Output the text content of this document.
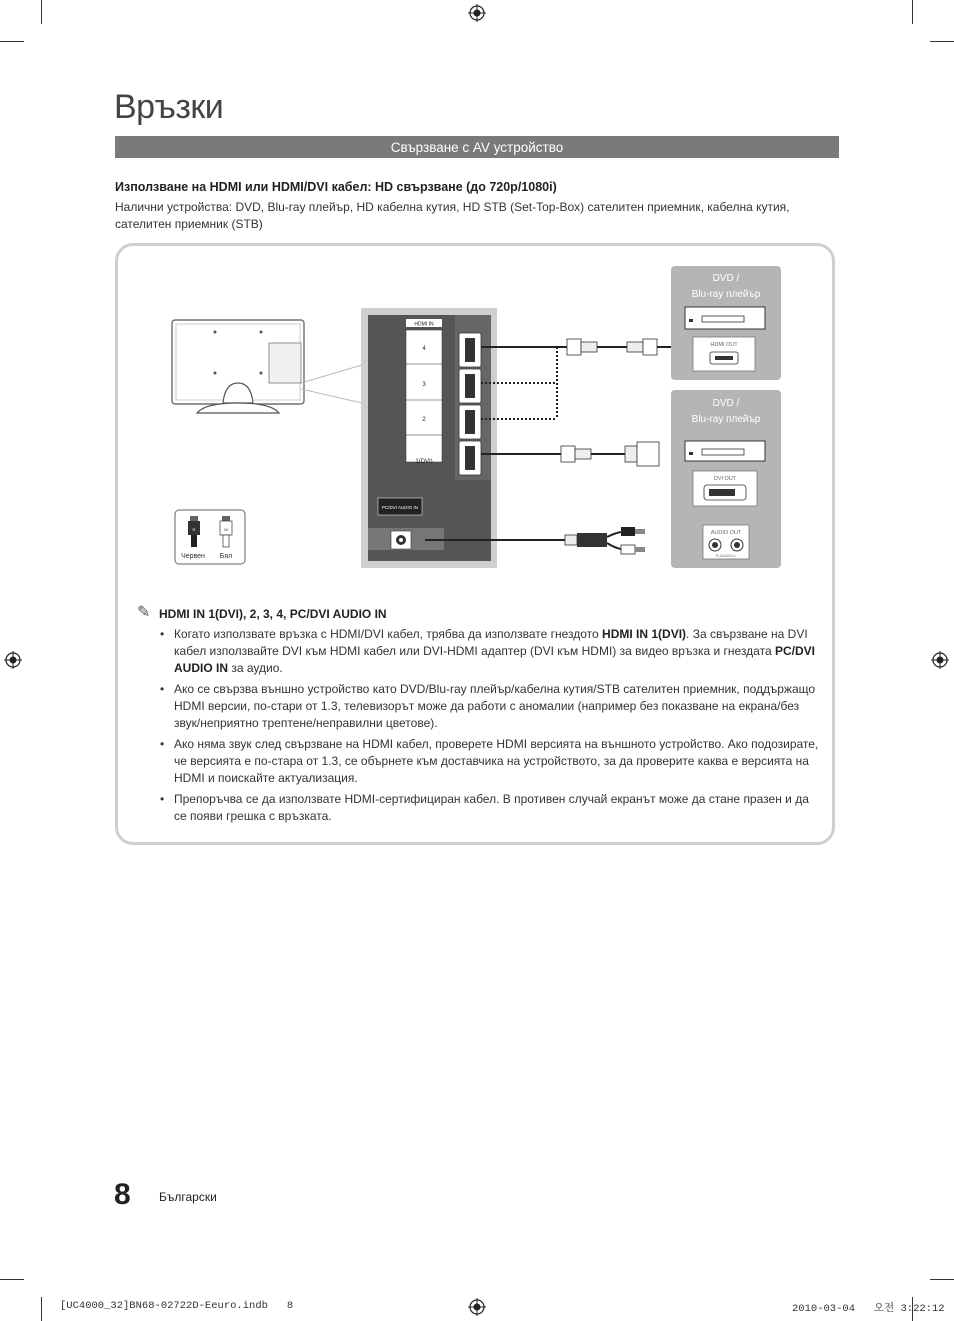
Връзки
Свързване с AV устройство
Използване на HDMI или HDMI/DVI кабел: HD свързване (до 720p/1080i)
Налични устройства: DVD, Blu-ray плейър, HD кабелна кутия, HD STB (Set-Top-Box) сателитен приемник, кабелна кутия, сателитен приемник (STB)
HDMI IN
4
3
2
1(DVI)
PC/DVI AUDIO IN
R	W
Червен Бял
DVD / Blu-ray плейър
HDMI OUT
DVD / Blu-ray плейър
DVI OUT
AUDIO OUT
R-AUDIO-L
✎ HDMI IN 1(DVI), 2, 3, 4, PC/DVI AUDIO IN
• Когато използвате връзка с HDMI/DVI кабел, трябва да използвате гнездото HDMI IN 1(DVI). За свързване на DVI кабел използвайте DVI към HDMI кабел или DVI-HDMI адаптер (DVI към HDMI) за видео връзка и гнездата PC/DVI AUDIO IN за аудио.
• Ако се свързва външно устройство като DVD/Blu-ray плейър/кабелна кутия/STB сателитен приемник, поддържащо HDMI версии, по-стари от 1.3, телевизорът може да работи с аномалии (например без показване на екрана/без звук/неприятно трептене/неправилни цветове).
• Ако няма звук след свързване на HDMI кабел, проверете HDMI версията на външното устройство. Ако подозирате, че версията е по-стара от 1.3, се обърнете към доставчика на устройството, за да проверите каква е версията на HDMI и поискайте актуализация.
• Препоръчва се да използвате HDMI-сертифициран кабел. В противен случай екранът може да стане празен и да се появи грешка с връзката.
8 Български
[UC4000_32]BN68-02722D-Eeuro.indb   8	2010-03-04   오전 3:22:12
